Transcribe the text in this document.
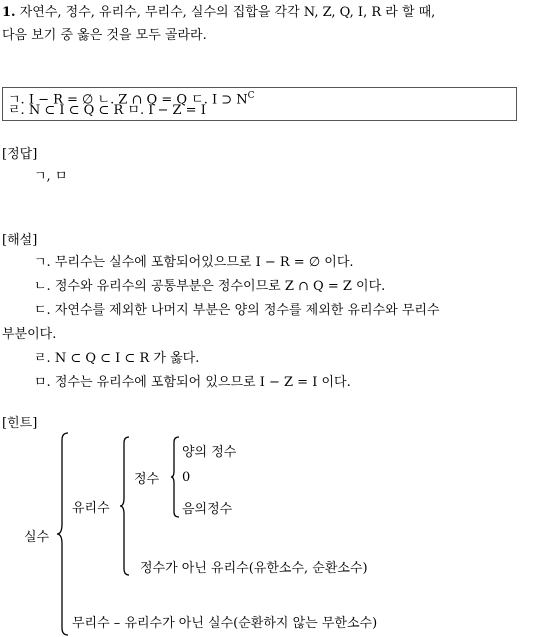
1. 자연수, 정수, 유리수, 무리수, 실수의 집합을 각각 N, Z, Q, I, R 라 할 때,
다음 보기 중 옳은 것을 모두 골라라.
ㄱ. I − R = ∅ ㄴ. Z ∩ Q = Q ㄷ. I ⊃ $N^C$
ㄹ. N ⊂ I ⊂ Q ⊂ R ㅁ. I − Z = I
[정답]
ㄱ, ㅁ
[해설]
ㄱ. 무리수는 실수에 포함되어있으므로 I − R = ∅ 이다.
ㄴ. 정수와 유리수의 공통부분은 정수이므로 Z ∩ Q = Z 이다.
ㄷ. 자연수를 제외한 나머지 부분은 양의 정수를 제외한 유리수와 무리수
부분이다.
ㄹ. N ⊂ Q ⊂ I ⊂ R 가 옳다.
ㅁ. 정수는 유리수에 포함되어 있으므로 I − Z = I 이다.
[힌트]
실수
유리수
정수
양의 정수
0
음의정수
정수가 아닌 유리수(유한소수, 순환소수)
무리수 – 유리수가 아닌 실수(순환하지 않는 무한소수)
